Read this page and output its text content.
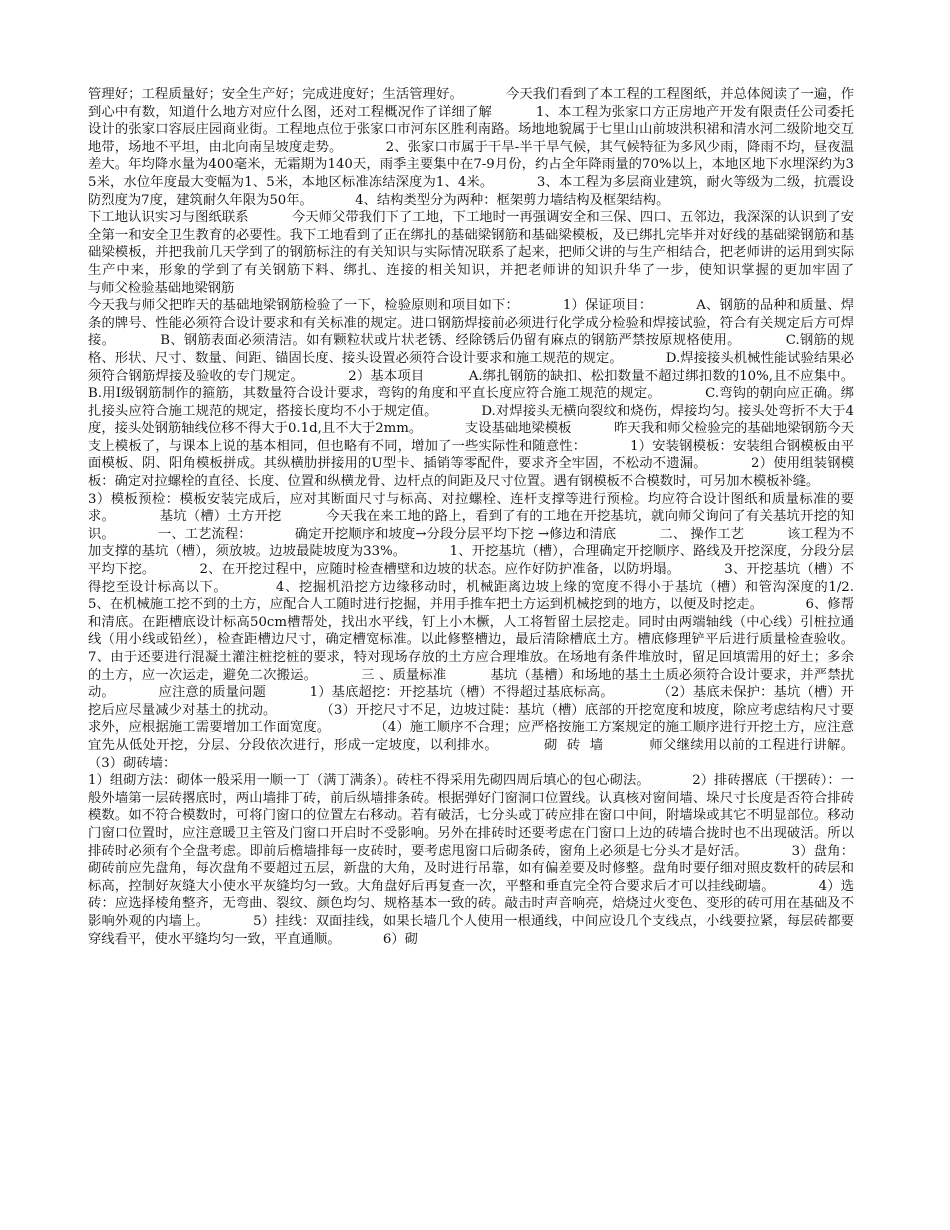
管理好；工程质量好；安全生产好；完成进度好；生活管理好。          今天我们看到了本工程的工程图纸，并总体阅读了一遍，作到心中有数，知道什么地方对应什么图，还对工程概况作了详细了解          1、本工程为张家口方正房地产开发有限责任公司委托设计的张家口容辰庄园商业街。工程地点位于张家口市河东区胜利南路。场地地貌属于七里山山前坡洪积裙和清水河二级阶地交互地带，场地不平坦，由北向南呈坡度走势。          2、张家口市属于干旱-半干旱气候，其气候特征为多风少雨，降雨不均，昼夜温差大。年均降水量为400毫米，无霜期为140天，雨季主要集中在7-9月份，约占全年降雨量的70%以上，本地区地下水埋深约为35米，水位年度最大变幅为1、5米，本地区标准冻结深度为1、4米。          3、本工程为多层商业建筑，耐火等级为二级，抗震设防烈度为7度，建筑耐久年限为50年。          4、结构类型分为两种：框架剪力墙结构及框架结构。

下工地认识实习与图纸联系          今天师父带我们下了工地，下工地时一再强调安全和三保、四口、五邻边，我深深的认识到了安全第一和安全卫生教育的必要性。我下工地看到了正在绑扎的基础梁钢筋和基础梁模板，及已绑扎完毕并对好线的基础梁钢筋和基础梁模板，并把我前几天学到了的钢筋标注的有关知识与实际情况联系了起来，把师父讲的与生产相结合，把老师讲的运用到实际生产中来，形象的学到了有关钢筋下料、绑扎、连接的相关知识，并把老师讲的知识升华了一步，使知识掌握的更加牢固了          与师父检验基础地梁钢筋

今天我与师父把昨天的基础地梁钢筋检验了一下，检验原则和项目如下：          1）保证项目：          A、钢筋的品种和质量、焊条的牌号、性能必须符合设计要求和有关标准的规定。进口钢筋焊接前必须进行化学成分检验和焊接试验，符合有关规定后方可焊接。          B、钢筋表面必须清洁。如有颗粒状或片状老锈、经除锈后仍留有麻点的钢筋严禁按原规格使用。          C.钢筋的规格、形状、尺寸、数量、间距、锚固长度、接头设置必须符合设计要求和施工规范的规定。          D.焊接接头机械性能试验结果必须符合钢筋焊接及验收的专门规定。          2）基本项目          A.绑扎钢筋的缺扣、松扣数量不超过绑扣数的10%,且不应集中。          B.用Ⅰ级钢筋制作的箍筋，其数量符合设计要求，弯钩的角度和平直长度应符合施工规范的规定。          C.弯钩的朝向应正确。绑扎接头应符合施工规范的规定，搭接长度均不小于规定值。          D.对焊接头无横向裂纹和烧伤，焊接均匀。接头处弯折不大于4度，接头处钢筋轴线位移不得大于0.1d,且不大于2mm。          支设基础地梁模板          昨天我和师父检验完的基础地梁钢筋今天支上模板了，与课本上说的基本相同，但也略有不同，增加了一些实际性和随意性：          1）安装钢模板：安装组合钢模板由平面模板、阴、阳角模板拼成。其纵横肋拼接用的U型卡、插销等零配件，要求齐全牢固，不松动不遗漏。          2）使用组装钢模板：确定对拉螺栓的直径、长度、位置和纵横龙骨、边杆点的间距及尺寸位置。遇有钢模板不合模数时，可另加木模板补缝。

3）模板预检：模板安装完成后，应对其断面尺寸与标高、对拉螺栓、连杆支撑等进行预检。均应符合设计图纸和质量标准的要求。          基坑（槽）土方开挖          今天我在来工地的路上，看到了有的工地在开挖基坑，就向师父询问了有关基坑开挖的知识。          一、工艺流程：          确定开挖顺序和坡度→分段分层平均下挖 →修边和清底          二、 操作工艺          该工程为不加支撑的基坑（槽），须放坡。边坡最陡坡度为33%。          1、开挖基坑（槽），合理确定开挖顺序、路线及开挖深度，分段分层平均下挖。          2、在开挖过程中，应随时检查槽壁和边坡的状态。应作好防护准备，以防坍塌。          3、开挖基坑（槽）不得挖至设计标高以下。          4、挖掘机沿挖方边缘移动时，机械距离边坡上缘的宽度不得小于基坑（槽）和管沟深度的1/2.          5、在机械施工挖不到的土方，应配合人工随时进行挖掘，并用手推车把土方运到机械挖到的地方，以便及时挖走。          6、修帮和清底。在距槽底设计标高50cm槽帮处，找出水平线，钉上小木橛，人工将暂留土层挖走。同时由两端轴线（中心线）引桩拉通线（用小线或铅丝），检查距槽边尺寸，确定槽宽标准。以此修整槽边，最后清除槽底土方。槽底修理铲平后进行质量检查验收。          7、由于还要进行混凝土灌注桩挖桩的要求，特对现场存放的土方应合理堆放。在场地有条件堆放时，留足回填需用的好土；多余的土方，应一次运走，避免二次搬运。          三 、质量标准          基坑（基槽）和场地的基土土质必须符合设计要求，并严禁扰动。          应注意的质量问题          1）基底超挖：开挖基坑（槽）不得超过基底标高。          （2）基底未保护：基坑（槽）开挖后应尽量减少对基土的扰动。          （3）开挖尺寸不足，边坡过陡：基坑（槽）底部的开挖宽度和坡度，除应考虑结构尺寸要求外，应根据施工需要增加工作面宽度。          （4）施工顺序不合理；应严格按施工方案规定的施工顺序进行开挖土方，应注意宜先从低处开挖，分层、分段依次进行，形成一定坡度，以利排水。          砌  砖  墙          师父继续用以前的工程进行讲解。          （3）砌砖墙：

1）组砌方法：砌体一般采用一顺一丁（满丁满条）。砖柱不得采用先砌四周后填心的包心砌法。          2）排砖撂底（干摆砖）：一般外墙第一层砖撂底时，两山墙排丁砖，前后纵墙排条砖。根据弹好门窗洞口位置线。认真核对窗间墙、垛尺寸长度是否符合排砖模数。如不符合模数时，可将门窗口的位置左右移动。若有破活，七分头或丁砖应排在窗口中间，附墙垛或其它不明显部位。移动门窗口位置时，应注意暖卫主管及门窗口开启时不受影响。另外在排砖时还要考虑在门窗口上边的砖墙合拢时也不出现破活。所以排砖时必须有个全盘考虑。即前后檐墙排每一皮砖时，要考虑甩窗口后砌条砖，窗角上必须是七分头才是好活。          3）盘角：砌砖前应先盘角，每次盘角不要超过五层，新盘的大角，及时进行吊靠，如有偏差要及时修整。盘角时要仔细对照皮数杆的砖层和标高，控制好灰缝大小使水平灰缝均匀一致。大角盘好后再复查一次，平整和垂直完全符合要求后才可以挂线砌墙。          4）选砖：应选择棱角整齐，无弯曲、裂纹、颜色均匀、规格基本一致的砖。敲击时声音响亮，焙烧过火变色、变形的砖可用在基础及不影响外观的内墙上。          5）挂线：双面挂线，如果长墙几个人使用一根通线，中间应设几个支线点，小线要拉紧，每层砖都要穿线看平，使水平缝均匀一致，平直通顺。          6）砌
